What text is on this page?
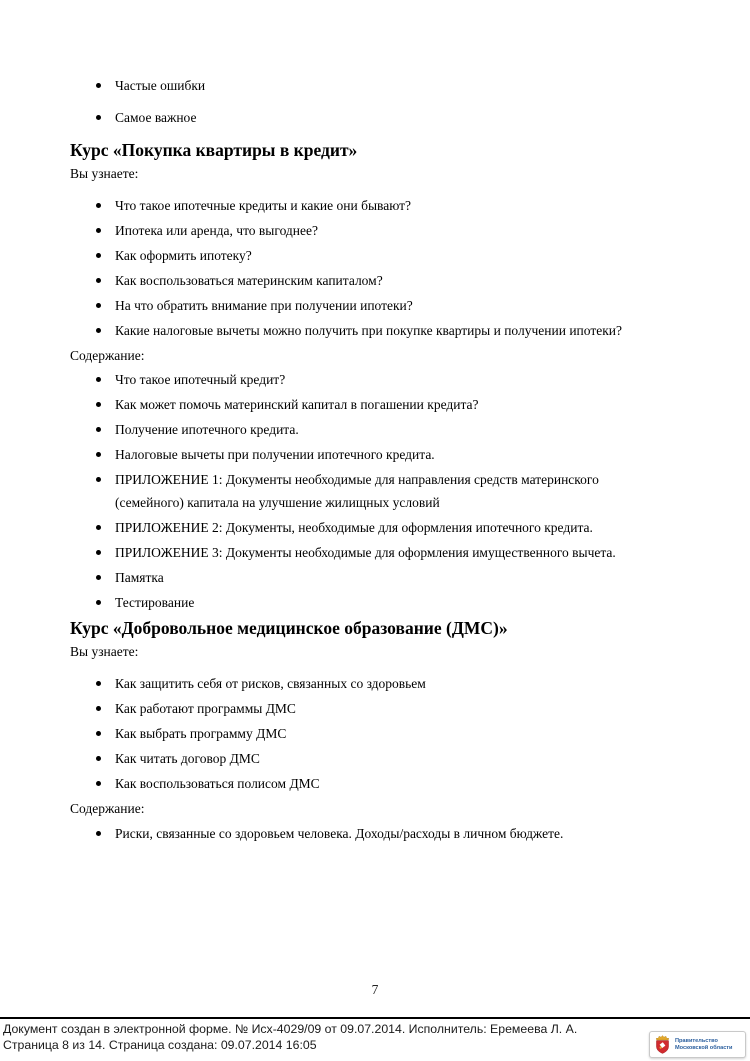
Частые ошибки
Самое важное
Курс «Покупка квартиры в кредит»

Вы узнаете:

Что такое ипотечные кредиты и какие они бывают?
Ипотека или аренда, что выгоднее?
Как оформить ипотеку?
Как воспользоваться материнским капиталом?
На что обратить внимание при получении ипотеки?
Какие налоговые вычеты можно получить при покупке квартиры и получении ипотеки?

Содержание:

Что такое ипотечный кредит?
Как может помочь материнский капитал в погашении кредита?
Получение ипотечного кредита.
Налоговые вычеты при получении ипотечного кредита.
ПРИЛОЖЕНИЕ 1: Документы необходимые для направления средств материнского (семейного) капитала на улучшение жилищных условий
ПРИЛОЖЕНИЕ 2: Документы, необходимые для оформления ипотечного кредита.
ПРИЛОЖЕНИЕ 3: Документы необходимые для оформления имущественного вычета.
Памятка
Тестирование
Курс «Добровольное медицинское образование (ДМС)»

Вы узнаете:

Как защитить себя от рисков, связанных со здоровьем
Как работают программы ДМС
Как выбрать программу ДМС
Как читать договор ДМС
Как воспользоваться полисом ДМС

Содержание:

Риски, связанные со здоровьем человека. Доходы/расходы в личном бюджете.
7
Документ создан в электронной форме. № Исх-4029/09 от 09.07.2014. Исполнитель: Еремеева Л. А.
Страница 8 из 14. Страница создана: 09.07.2014 16:05	Правительство
Московской области
